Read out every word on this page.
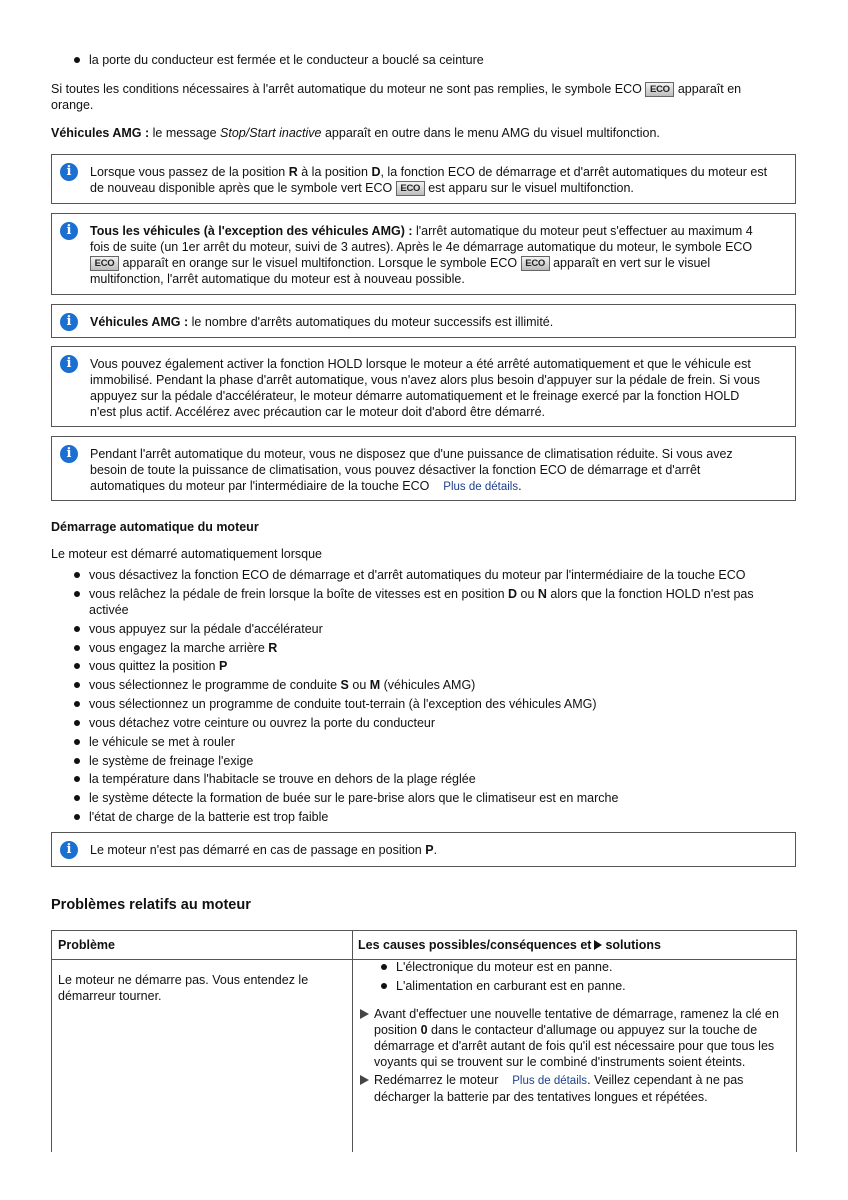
la porte du conducteur est fermée et le conducteur a bouclé sa ceinture
Si toutes les conditions nécessaires à l'arrêt automatique du moteur ne sont pas remplies, le symbole ECO ECO apparaît en
orange.
Véhicules AMG : le message Stop/Start inactive apparaît en outre dans le menu AMG du visuel multifonction.
i	Lorsque vous passez de la position R à la position D, la fonction ECO de démarrage et d'arrêt automatiques du moteur est
de nouveau disponible après que le symbole vert ECO ECO est apparu sur le visuel multifonction.
i	Tous les véhicules (à l'exception des véhicules AMG) : l'arrêt automatique du moteur peut s'effectuer au maximum 4
fois de suite (un 1er arrêt du moteur, suivi de 3 autres). Après le 4e démarrage automatique du moteur, le symbole ECO
ECO apparaît en orange sur le visuel multifonction. Lorsque le symbole ECO ECO apparaît en vert sur le visuel
multifonction, l'arrêt automatique du moteur est à nouveau possible.
i	Véhicules AMG : le nombre d'arrêts automatiques du moteur successifs est illimité.
i	Vous pouvez également activer la fonction HOLD lorsque le moteur a été arrêté automatiquement et que le véhicule est
immobilisé. Pendant la phase d'arrêt automatique, vous n'avez alors plus besoin d'appuyer sur la pédale de frein. Si vous
appuyez sur la pédale d'accélérateur, le moteur démarre automatiquement et le freinage exercé par la fonction HOLD
n'est plus actif. Accélérez avec précaution car le moteur doit d'abord être démarré.
i	Pendant l'arrêt automatique du moteur, vous ne disposez que d'une puissance de climatisation réduite. Si vous avez
besoin de toute la puissance de climatisation, vous pouvez désactiver la fonction ECO de démarrage et d'arrêt
automatiques du moteur par l'intermédiaire de la touche ECO Plus de détails.
Démarrage automatique du moteur
Le moteur est démarré automatiquement lorsque
vous désactivez la fonction ECO de démarrage et d'arrêt automatiques du moteur par l'intermédiaire de la touche ECO
vous relâchez la pédale de frein lorsque la boîte de vitesses est en position D ou N alors que la fonction HOLD n'est pas
activée
vous appuyez sur la pédale d'accélérateur
vous engagez la marche arrière R
vous quittez la position P
vous sélectionnez le programme de conduite S ou M (véhicules AMG)
vous sélectionnez un programme de conduite tout-terrain (à l'exception des véhicules AMG)
vous détachez votre ceinture ou ouvrez la porte du conducteur
le véhicule se met à rouler
le système de freinage l'exige
la température dans l'habitacle se trouve en dehors de la plage réglée
le système détecte la formation de buée sur le pare-brise alors que le climatiseur est en marche
l'état de charge de la batterie est trop faible
i	Le moteur n'est pas démarré en cas de passage en position P.
Problèmes relatifs au moteur
Problème	Les causes possibles/conséquences et solutions
Le moteur ne démarre pas. Vous entendez le
démarreur tourner.
L'électronique du moteur est en panne.
L'alimentation en carburant est en panne.
Avant d'effectuer une nouvelle tentative de démarrage, ramenez la clé en
position 0 dans le contacteur d'allumage ou appuyez sur la touche de
démarrage et d'arrêt autant de fois qu'il est nécessaire pour que tous les
voyants qui se trouvent sur le combiné d'instruments soient éteints.
Redémarrez le moteur Plus de détails. Veillez cependant à ne pas
décharger la batterie par des tentatives longues et répétées.
